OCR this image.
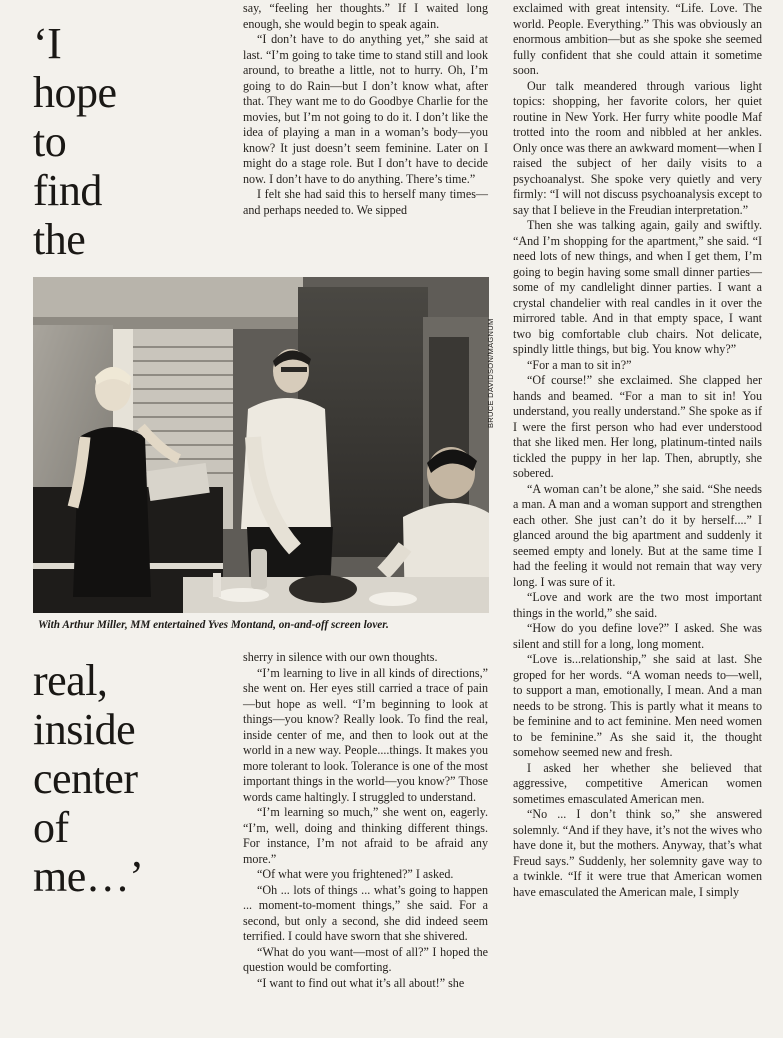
‘I
hope
to
find
the
real,
inside
center
of
me…’

say, “feeling her thoughts.” If I waited long enough, she would begin to speak again.

“I don’t have to do anything yet,” she said at last. “I’m going to take time to stand still and look around, to breathe a little, not to hurry. Oh, I’m going to do Rain—but I don’t know what, after that. They want me to do Goodbye Charlie for the movies, but I’m not going to do it. I don’t like the idea of playing a man in a woman’s body—you know? It just doesn’t seem feminine. Later on I might do a stage role. But I don’t have to decide now. I don’t have to do anything. There’s time.”

I felt she had said this to herself many times—and perhaps needed to. We sipped

BRUCE DAVIDSON/MAGNUM
With Arthur Miller, MM entertained Yves Montand, on-and-off screen lover.

sherry in silence with our own thoughts.

“I’m learning to live in all kinds of directions,” she went on. Her eyes still carried a trace of pain—but hope as well. “I’m beginning to look at things—you know? Really look. To find the real, inside center of me, and then to look out at the world in a new way. People....things. It makes you more tolerant to look. Tolerance is one of the most important things in the world—you know?” Those words came haltingly. I struggled to understand.

“I’m learning so much,” she went on, eagerly. “I’m, well, doing and thinking different things. For instance, I’m not afraid to be afraid any more.”

“Of what were you frightened?” I asked.

“Oh ... lots of things ... what’s going to happen ... moment-to-moment things,” she said. For a second, but only a second, she did indeed seem terrified. I could have sworn that she shivered.

“What do you want—most of all?” I hoped the question would be comforting.

“I want to find out what it’s all about!” she

exclaimed with great intensity. “Life. Love. The world. People. Everything.” This was obviously an enormous ambition—but as she spoke she seemed fully confident that she could attain it sometime soon.

Our talk meandered through various light topics: shopping, her favorite colors, her quiet routine in New York. Her furry white poodle Maf trotted into the room and nibbled at her ankles. Only once was there an awkward moment—when I raised the subject of her daily visits to a psychoanalyst. She spoke very quietly and very firmly: “I will not discuss psychoanalysis except to say that I believe in the Freudian interpretation.”

Then she was talking again, gaily and swiftly. “And I’m shopping for the apartment,” she said. “I need lots of new things, and when I get them, I’m going to begin having some small dinner parties—some of my candlelight dinner parties. I want a crystal chandelier with real candles in it over the mirrored table. And in that empty space, I want two big comfortable club chairs. Not delicate, spindly little things, but big. You know why?”

“For a man to sit in?”

“Of course!” she exclaimed. She clapped her hands and beamed. “For a man to sit in! You understand, you really understand.” She spoke as if I were the first person who had ever understood that she liked men. Her long, platinum-tinted nails tickled the puppy in her lap. Then, abruptly, she sobered.

“A woman can’t be alone,” she said. “She needs a man. A man and a woman support and strengthen each other. She just can’t do it by herself....” I glanced around the big apartment and suddenly it seemed empty and lonely. But at the same time I had the feeling it would not remain that way very long. I was sure of it.

“Love and work are the two most important things in the world,” she said.

“How do you define love?” I asked. She was silent and still for a long, long moment.

“Love is...relationship,” she said at last. She groped for her words. “A woman needs to—well, to support a man, emotionally, I mean. And a man needs to be strong. This is partly what it means to be feminine and to act feminine. Men need women to be feminine.” As she said it, the thought somehow seemed new and fresh.

I asked her whether she believed that aggressive, competitive American women sometimes emasculated American men.

“No ... I don’t think so,” she answered solemnly. “And if they have, it’s not the wives who have done it, but the mothers. Anyway, that’s what Freud says.” Suddenly, her solemnity gave way to a twinkle. “If it were true that American women have emasculated the American male, I simply
